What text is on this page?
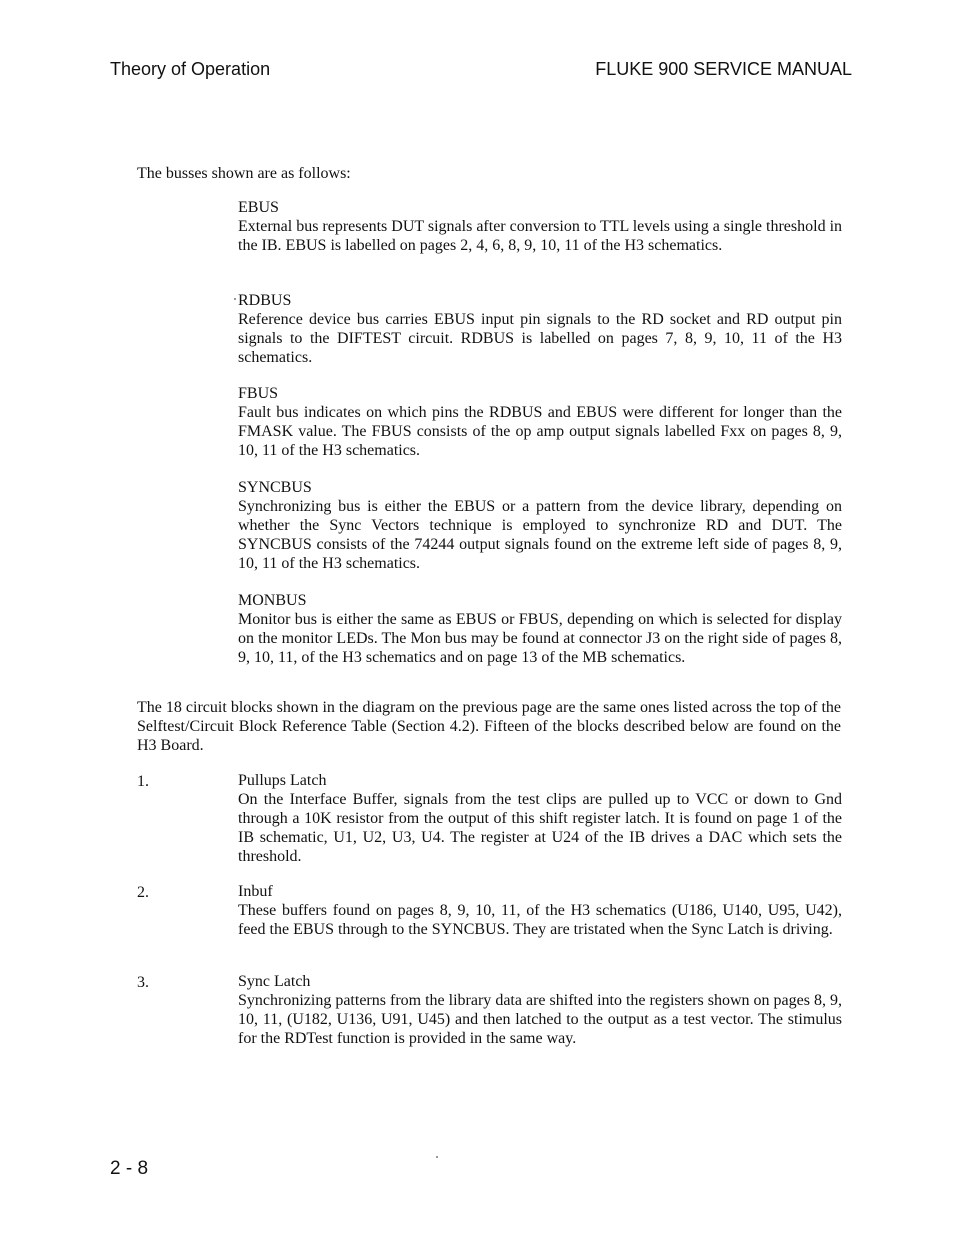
Theory of Operation	FLUKE 900 SERVICE MANUAL
The busses shown are as follows:
EBUS
External bus represents DUT signals after conversion to TTL levels using a single threshold in the IB. EBUS is labelled on pages 2, 4, 6, 8, 9, 10, 11 of the H3 schematics.
RDBUS
Reference device bus carries EBUS input pin signals to the RD socket and RD output pin signals to the DIFTEST circuit. RDBUS is labelled on pages 7, 8, 9, 10, 11 of the H3 schematics.
FBUS
Fault bus indicates on which pins the RDBUS and EBUS were different for longer than the FMASK value. The FBUS consists of the op amp output signals labelled Fxx on pages 8, 9, 10, 11 of the H3 schematics.
SYNCBUS
Synchronizing bus is either the EBUS or a pattern from the device library, depending on whether the Sync Vectors technique is employed to synchronize RD and DUT. The SYNCBUS consists of the 74244 output signals found on the extreme left side of pages 8, 9, 10, 11 of the H3 schematics.
MONBUS
Monitor bus is either the same as EBUS or FBUS, depending on which is selected for display on the monitor LEDs. The Mon bus may be found at connector J3 on the right side of pages 8, 9, 10, 11, of the H3 schematics and on page 13 of the MB schematics.
The 18 circuit blocks shown in the diagram on the previous page are the same ones listed across the top of the Selftest/Circuit Block Reference Table (Section 4.2). Fifteen of the blocks described below are found on the H3 Board.
1.	Pullups Latch
On the Interface Buffer, signals from the test clips are pulled up to VCC or down to Gnd through a 10K resistor from the output of this shift register latch. It is found on page 1 of the IB schematic, U1, U2, U3, U4. The register at U24 of the IB drives a DAC which sets the threshold.
2.	Inbuf
These buffers found on pages 8, 9, 10, 11, of the H3 schematics (U186, U140, U95, U42), feed the EBUS through to the SYNCBUS. They are tristated when the Sync Latch is driving.
3.	Sync Latch
Synchronizing patterns from the library data are shifted into the registers shown on pages 8, 9, 10, 11, (U182, U136, U91, U45) and then latched to the output as a test vector. The stimulus for the RDTest function is provided in the same way.
2 - 8
